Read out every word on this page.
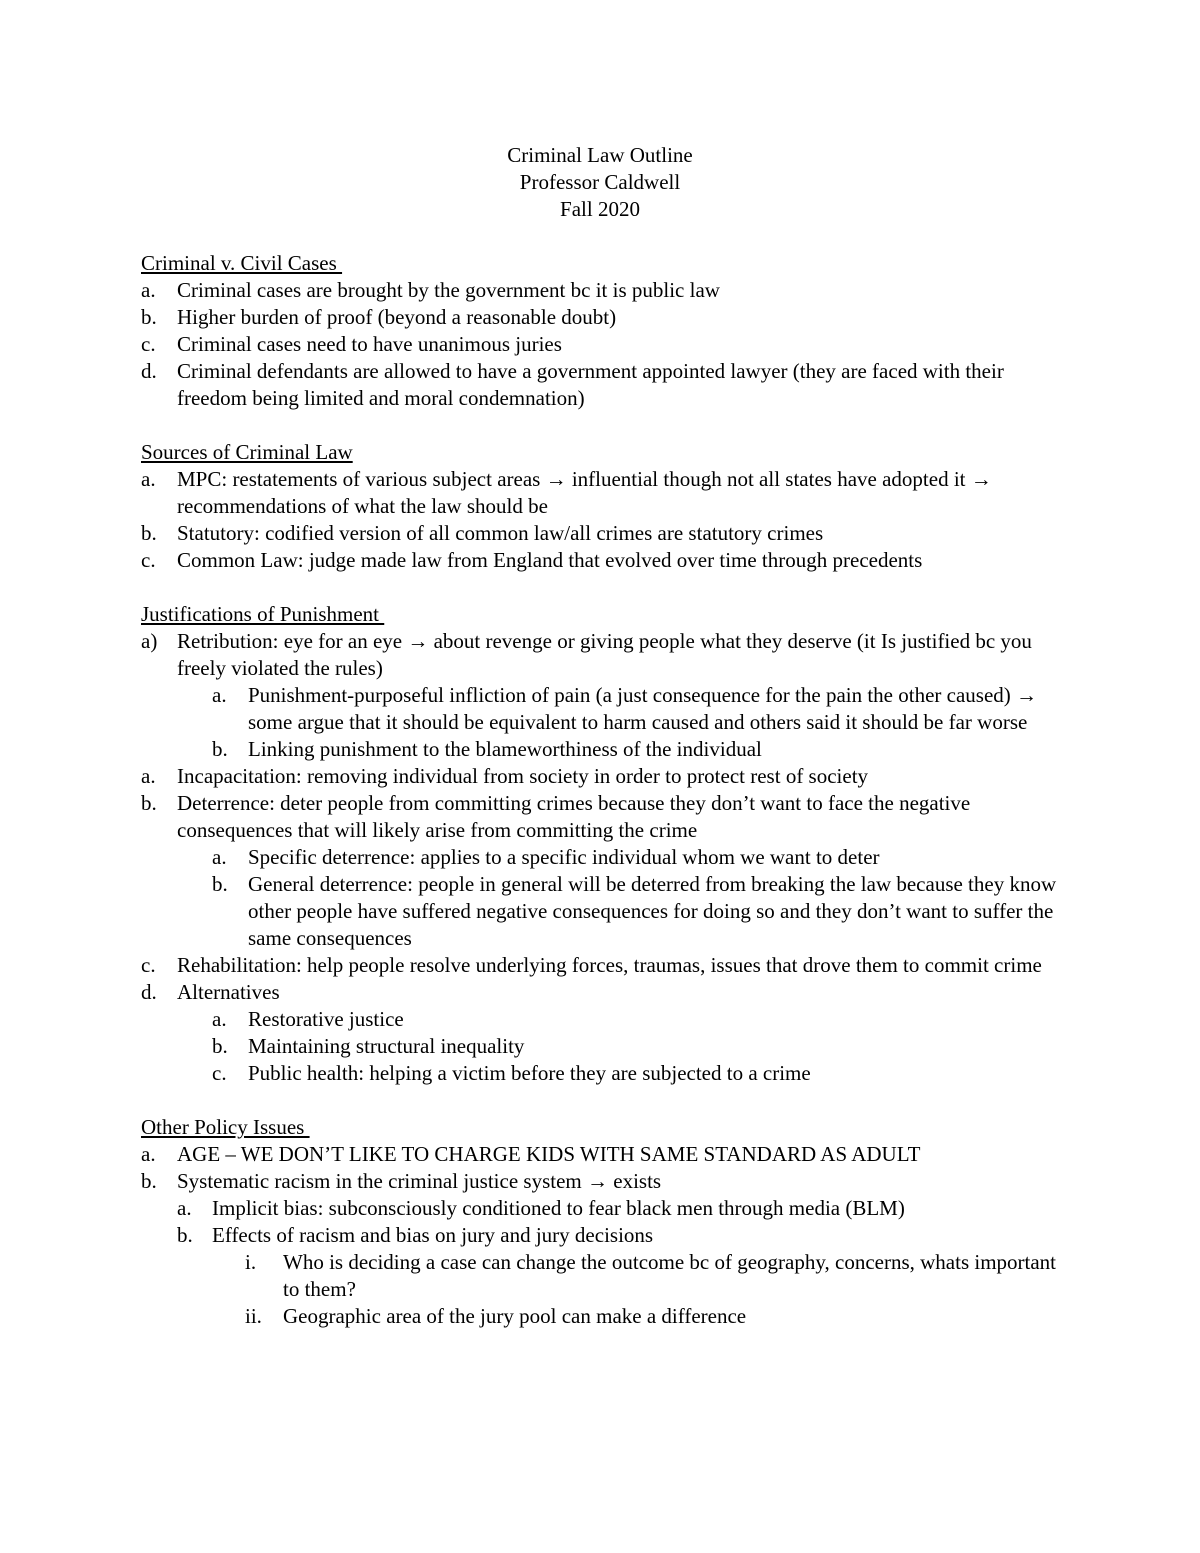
Criminal Law Outline
Professor Caldwell
Fall 2020
Criminal v. Civil Cases
a. Criminal cases are brought by the government bc it is public law
b. Higher burden of proof (beyond a reasonable doubt)
c. Criminal cases need to have unanimous juries
d. Criminal defendants are allowed to have a government appointed lawyer (they are faced with their freedom being limited and moral condemnation)
Sources of Criminal Law
a. MPC: restatements of various subject areas → influential though not all states have adopted it → recommendations of what the law should be
b. Statutory: codified version of all common law/all crimes are statutory crimes
c. Common Law: judge made law from England that evolved over time through precedents
Justifications of Punishment
a) Retribution: eye for an eye → about revenge or giving people what they deserve (it Is justified bc you freely violated the rules)
a. Punishment-purposeful infliction of pain (a just consequence for the pain the other caused) → some argue that it should be equivalent to harm caused and others said it should be far worse
b. Linking punishment to the blameworthiness of the individual
a. Incapacitation: removing individual from society in order to protect rest of society
b. Deterrence: deter people from committing crimes because they don’t want to face the negative consequences that will likely arise from committing the crime
a. Specific deterrence: applies to a specific individual whom we want to deter
b. General deterrence: people in general will be deterred from breaking the law because they know other people have suffered negative consequences for doing so and they don’t want to suffer the same consequences
c. Rehabilitation: help people resolve underlying forces, traumas, issues that drove them to commit crime
d. Alternatives
a. Restorative justice
b. Maintaining structural inequality
c. Public health: helping a victim before they are subjected to a crime
Other Policy Issues
a. AGE – WE DON’T LIKE TO CHARGE KIDS WITH SAME STANDARD AS ADULT
b. Systematic racism in the criminal justice system → exists
a. Implicit bias: subconsciously conditioned to fear black men through media (BLM)
b. Effects of racism and bias on jury and jury decisions
i. Who is deciding a case can change the outcome bc of geography, concerns, whats important to them?
ii. Geographic area of the jury pool can make a difference
